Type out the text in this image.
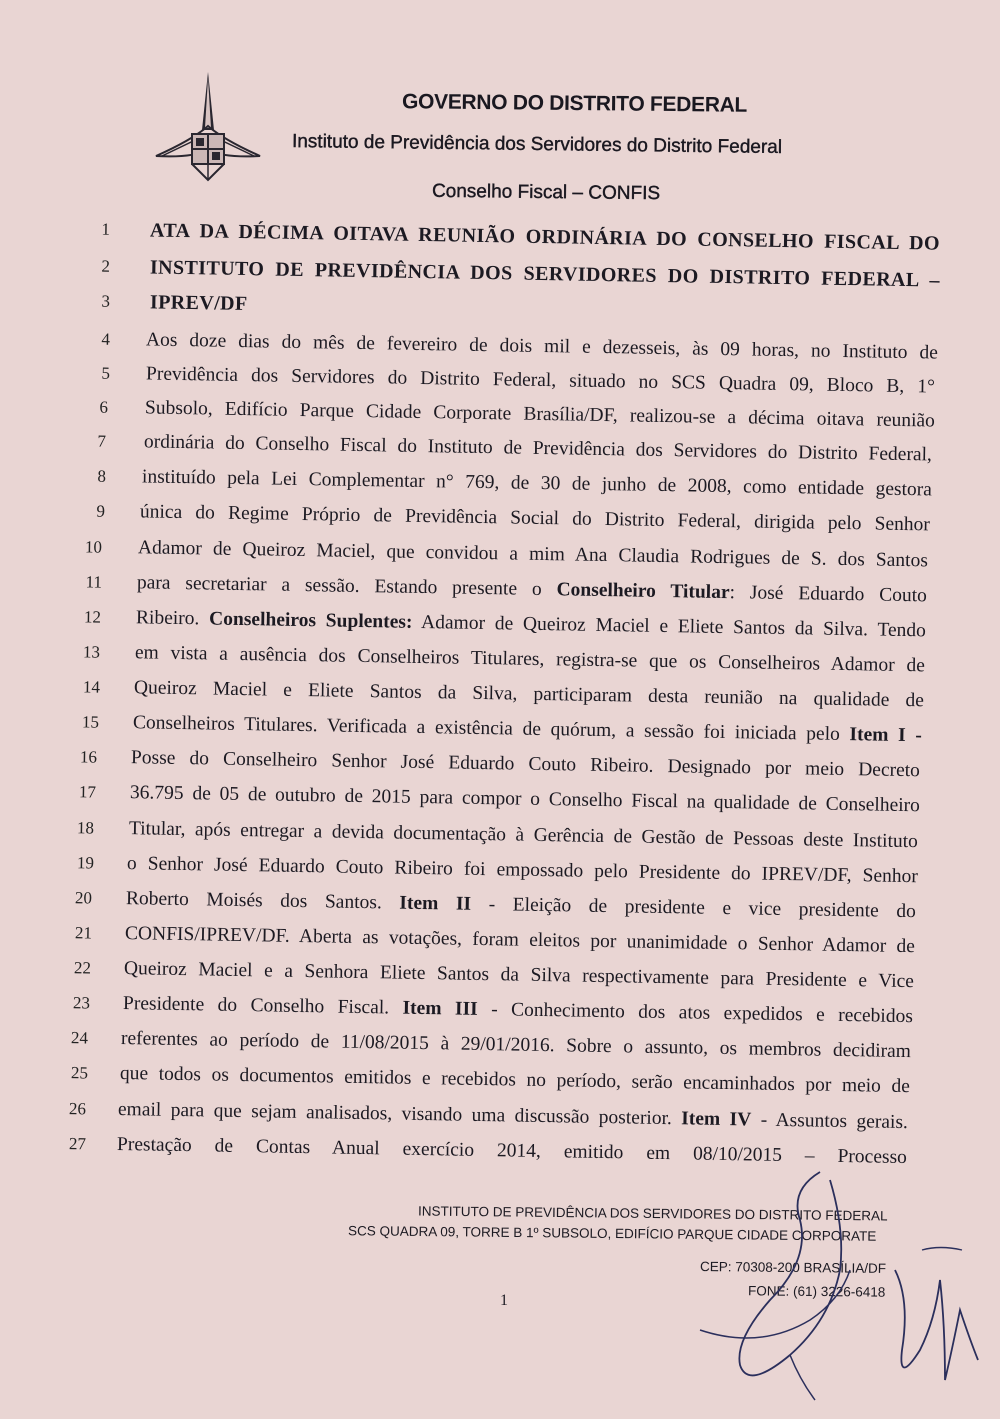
GOVERNO DO DISTRITO FEDERAL
Instituto de Previdência dos Servidores do Distrito Federal
Conselho Fiscal – CONFIS
1 ATA DA DÉCIMA OITAVA REUNIÃO ORDINÁRIA DO CONSELHO FISCAL DO
2 INSTITUTO DE PREVIDÊNCIA DOS SERVIDORES DO DISTRITO FEDERAL –
3 IPREV/DF
4 Aos doze dias do mês de fevereiro de dois mil e dezesseis, às 09 horas, no Instituto de
5 Previdência dos Servidores do Distrito Federal, situado no SCS Quadra 09, Bloco B, 1°
6 Subsolo, Edifício Parque Cidade Corporate Brasília/DF, realizou-se a décima oitava reunião
7 ordinária do Conselho Fiscal do Instituto de Previdência dos Servidores do Distrito Federal,
8 instituído pela Lei Complementar n° 769, de 30 de junho de 2008, como entidade gestora
9 única do Regime Próprio de Previdência Social do Distrito Federal, dirigida pelo Senhor
10 Adamor de Queiroz Maciel, que convidou a mim Ana Claudia Rodrigues de S. dos Santos
11 para secretariar a sessão. Estando presente o Conselheiro Titular: José Eduardo Couto
12 Ribeiro. Conselheiros Suplentes: Adamor de Queiroz Maciel e Eliete Santos da Silva. Tendo
13 em vista a ausência dos Conselheiros Titulares, registra-se que os Conselheiros Adamor de
14 Queiroz Maciel e Eliete Santos da Silva, participaram desta reunião na qualidade de
15 Conselheiros Titulares. Verificada a existência de quórum, a sessão foi iniciada pelo Item I -
16 Posse do Conselheiro Senhor José Eduardo Couto Ribeiro. Designado por meio Decreto
17 36.795 de 05 de outubro de 2015 para compor o Conselho Fiscal na qualidade de Conselheiro
18 Titular, após entregar a devida documentação à Gerência de Gestão de Pessoas deste Instituto
19 o Senhor José Eduardo Couto Ribeiro foi empossado pelo Presidente do IPREV/DF, Senhor
20 Roberto Moisés dos Santos. Item II - Eleição de presidente e vice presidente do
21 CONFIS/IPREV/DF. Aberta as votações, foram eleitos por unanimidade o Senhor Adamor de
22 Queiroz Maciel e a Senhora Eliete Santos da Silva respectivamente para Presidente e Vice
23 Presidente do Conselho Fiscal. Item III - Conhecimento dos atos expedidos e recebidos
24 referentes ao período de 11/08/2015 à 29/01/2016. Sobre o assunto, os membros decidiram
25 que todos os documentos emitidos e recebidos no período, serão encaminhados por meio de
26 email para que sejam analisados, visando uma discussão posterior. Item IV - Assuntos gerais.
27 Prestação de Contas Anual exercício 2014, emitido em 08/10/2015 – Processo
INSTITUTO DE PREVIDÊNCIA DOS SERVIDORES DO DISTRITO FEDERAL
SCS QUADRA 09, TORRE B 1º SUBSOLO, EDIFÍCIO PARQUE CIDADE CORPORATE
CEP: 70308-200 BRASÍLIA/DF
FONE: (61) 3226-6418
1
